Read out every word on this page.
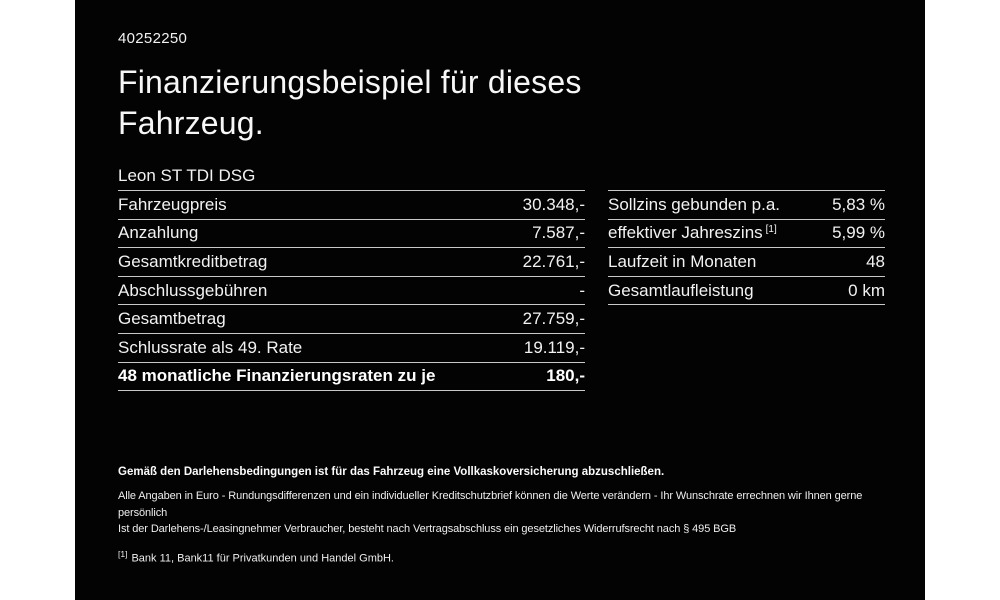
40252250
Finanzierungsbeispiel für dieses
Fahrzeug.
Leon ST TDI DSG
Fahrzeugpreis	30.348,-
Anzahlung	7.587,-
Gesamtkreditbetrag	22.761,-
Abschlussgebühren	-
Gesamtbetrag	27.759,-
Schlussrate als 49. Rate	19.119,-
48 monatliche Finanzierungsraten zu je	180,-
Sollzins gebunden p.a.	5,83 %
effektiver Jahreszins [1]	5,99 %
Laufzeit in Monaten	48
Gesamtlaufleistung	0 km

Gemäß den Darlehensbedingungen ist für das Fahrzeug eine Vollkaskoversicherung abzuschließen.

Alle Angaben in Euro - Rundungsdifferenzen und ein individueller Kreditschutzbrief können die Werte verändern - Ihr Wunschrate errechnen wir Ihnen gerne persönlich

Ist der Darlehens-/Leasingnehmer Verbraucher, besteht nach Vertragsabschluss ein gesetzliches Widerrufsrecht nach § 495 BGB

[1] Bank 11, Bank11 für Privatkunden und Handel GmbH.
